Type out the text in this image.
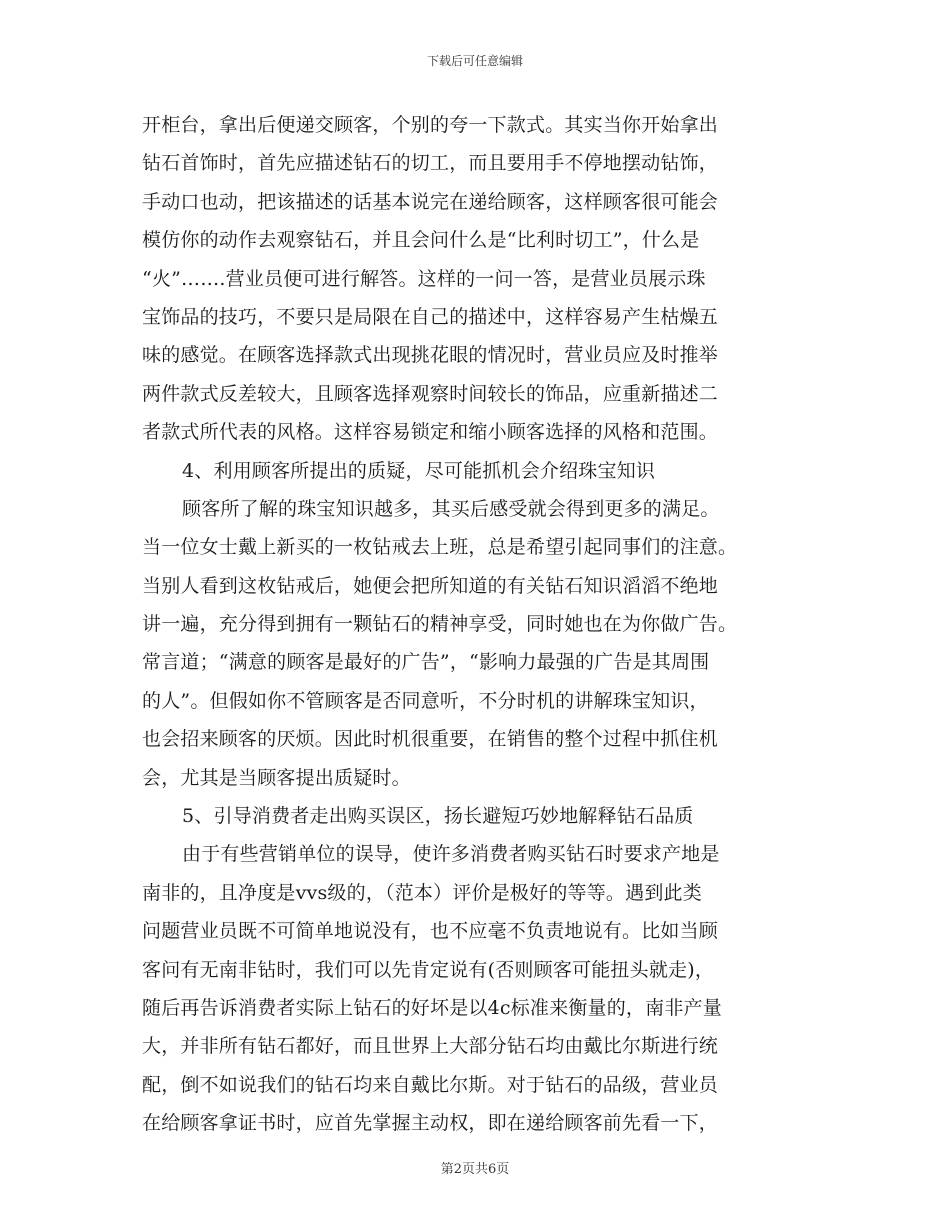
下载后可任意编辑
开柜台，拿出后便递交顾客，个别的夸一下款式。其实当你开始拿出
钻石首饰时，首先应描述钻石的切工，而且要用手不停地摆动钻饰，
手动口也动，把该描述的话基本说完在递给顾客，这样顾客很可能会
模仿你的动作去观察钻石，并且会问什么是“比利时切工”，什么是
“火”…….营业员便可进行解答。这样的一问一答，是营业员展示珠
宝饰品的技巧，不要只是局限在自己的描述中，这样容易产生枯燥五
味的感觉。在顾客选择款式出现挑花眼的情况时，营业员应及时推举
两件款式反差较大，且顾客选择观察时间较长的饰品，应重新描述二
者款式所代表的风格。这样容易锁定和缩小顾客选择的风格和范围。
4、利用顾客所提出的质疑，尽可能抓机会介绍珠宝知识
顾客所了解的珠宝知识越多，其买后感受就会得到更多的满足。
当一位女士戴上新买的一枚钻戒去上班，总是希望引起同事们的注意。
当别人看到这枚钻戒后，她便会把所知道的有关钻石知识滔滔不绝地
讲一遍，充分得到拥有一颗钻石的精神享受，同时她也在为你做广告。
常言道；“满意的顾客是最好的广告”，“影响力最强的广告是其周围
的人”。但假如你不管顾客是否同意听，不分时机的讲解珠宝知识，
也会招来顾客的厌烦。因此时机很重要，在销售的整个过程中抓住机
会，尤其是当顾客提出质疑时。
5、引导消费者走出购买误区，扬长避短巧妙地解释钻石品质
由于有些营销单位的误导，使许多消费者购买钻石时要求产地是
南非的，且净度是vvs级的，（范本）评价是极好的等等。遇到此类
问题营业员既不可简单地说没有，也不应毫不负责地说有。比如当顾
客问有无南非钻时，我们可以先肯定说有(否则顾客可能扭头就走)，
随后再告诉消费者实际上钻石的好坏是以4c标准来衡量的，南非产量
大，并非所有钻石都好，而且世界上大部分钻石均由戴比尔斯进行统
配，倒不如说我们的钻石均来自戴比尔斯。对于钻石的品级，营业员
在给顾客拿证书时，应首先掌握主动权，即在递给顾客前先看一下，
第2页共6页
